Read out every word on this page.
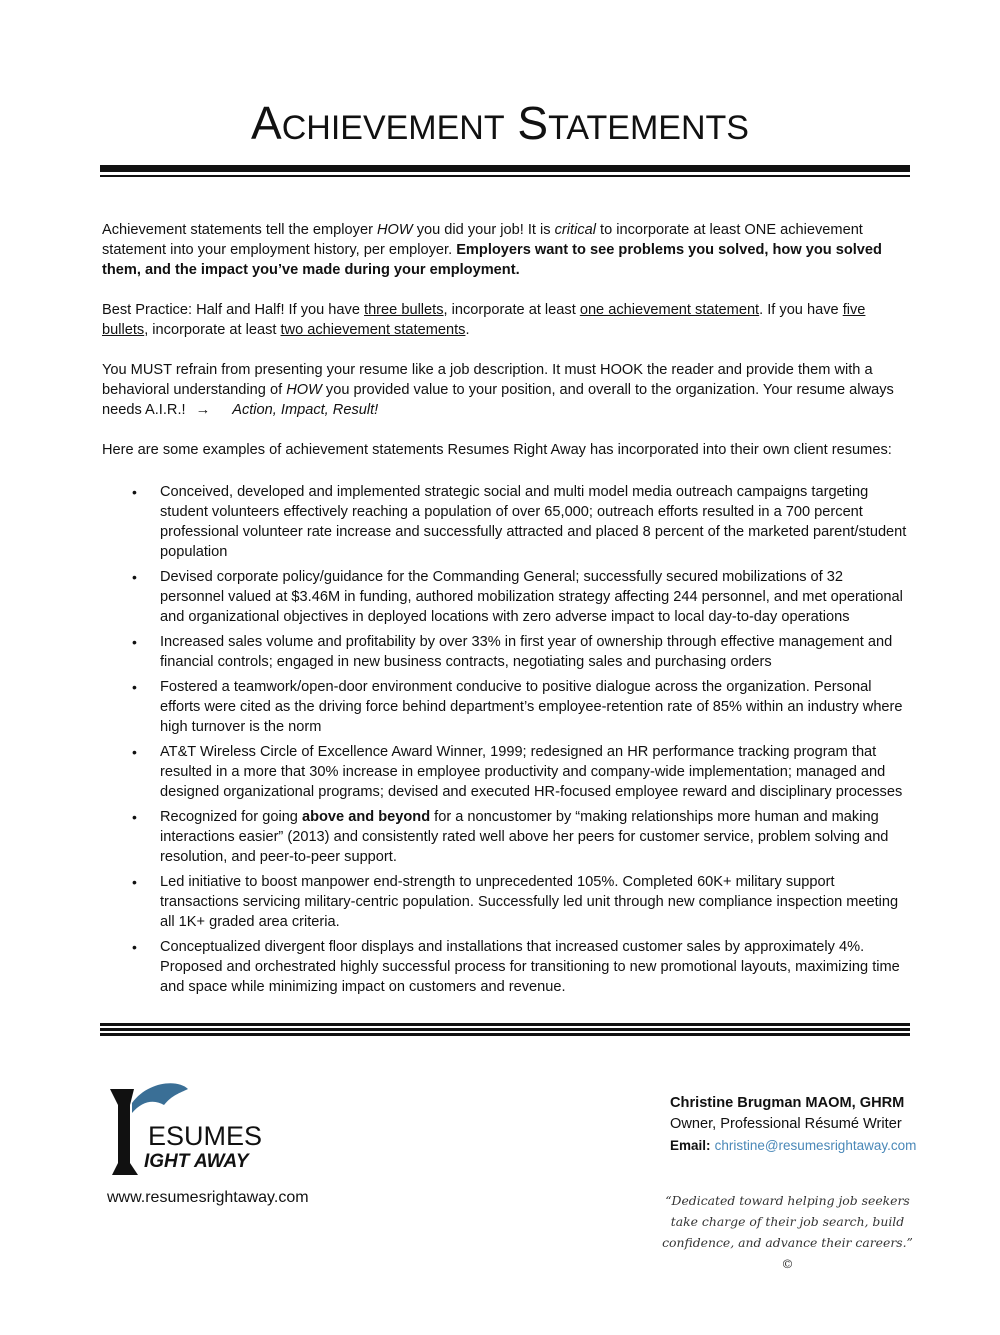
ACHIEVEMENT STATEMENTS

Achievement statements tell the employer HOW you did your job! It is critical to incorporate at least ONE achievement statement into your employment history, per employer. Employers want to see problems you solved, how you solved them, and the impact you’ve made during your employment.

Best Practice: Half and Half! If you have three bullets, incorporate at least one achievement statement. If you have five bullets, incorporate at least two achievement statements.

You MUST refrain from presenting your resume like a job description. It must HOOK the reader and provide them with a behavioral understanding of HOW you provided value to your position, and overall to the organization. Your resume always needs A.I.R.! → Action, Impact, Result!

Here are some examples of achievement statements Resumes Right Away has incorporated into their own client resumes:

• Conceived, developed and implemented strategic social and multi model media outreach campaigns targeting student volunteers effectively reaching a population of over 65,000; outreach efforts resulted in a 700 percent professional volunteer rate increase and successfully attracted and placed 8 percent of the marketed parent/student population
• Devised corporate policy/guidance for the Commanding General; successfully secured mobilizations of 32 personnel valued at $3.46M in funding, authored mobilization strategy affecting 244 personnel, and met operational and organizational objectives in deployed locations with zero adverse impact to local day-to-day operations
• Increased sales volume and profitability by over 33% in first year of ownership through effective management and financial controls; engaged in new business contracts, negotiating sales and purchasing orders
• Fostered a teamwork/open-door environment conducive to positive dialogue across the organization. Personal efforts were cited as the driving force behind department’s employee-retention rate of 85% within an industry where high turnover is the norm
• AT&T Wireless Circle of Excellence Award Winner, 1999; redesigned an HR performance tracking program that resulted in a more that 30% increase in employee productivity and company-wide implementation; managed and designed organizational programs; devised and executed HR-focused employee reward and disciplinary processes
• Recognized for going above and beyond for a noncustomer by “making relationships more human and making interactions easier” (2013) and consistently rated well above her peers for customer service, problem solving and resolution, and peer-to-peer support.
• Led initiative to boost manpower end-strength to unprecedented 105%. Completed 60K+ military support transactions servicing military-centric population. Successfully led unit through new compliance inspection meeting all 1K+ graded area criteria.
• Conceptualized divergent floor displays and installations that increased customer sales by approximately 4%. Proposed and orchestrated highly successful process for transitioning to new promotional layouts, maximizing time and space while minimizing impact on customers and revenue.
ESUMES
IGHT AWAY
www.resumesrightaway.com
Christine Brugman MAOM, GHRM
Owner, Professional Résumé Writer
Email: christine@resumesrightaway.com
“Dedicated toward helping job seekers take charge of their job search, build confidence, and advance their careers.” ©
